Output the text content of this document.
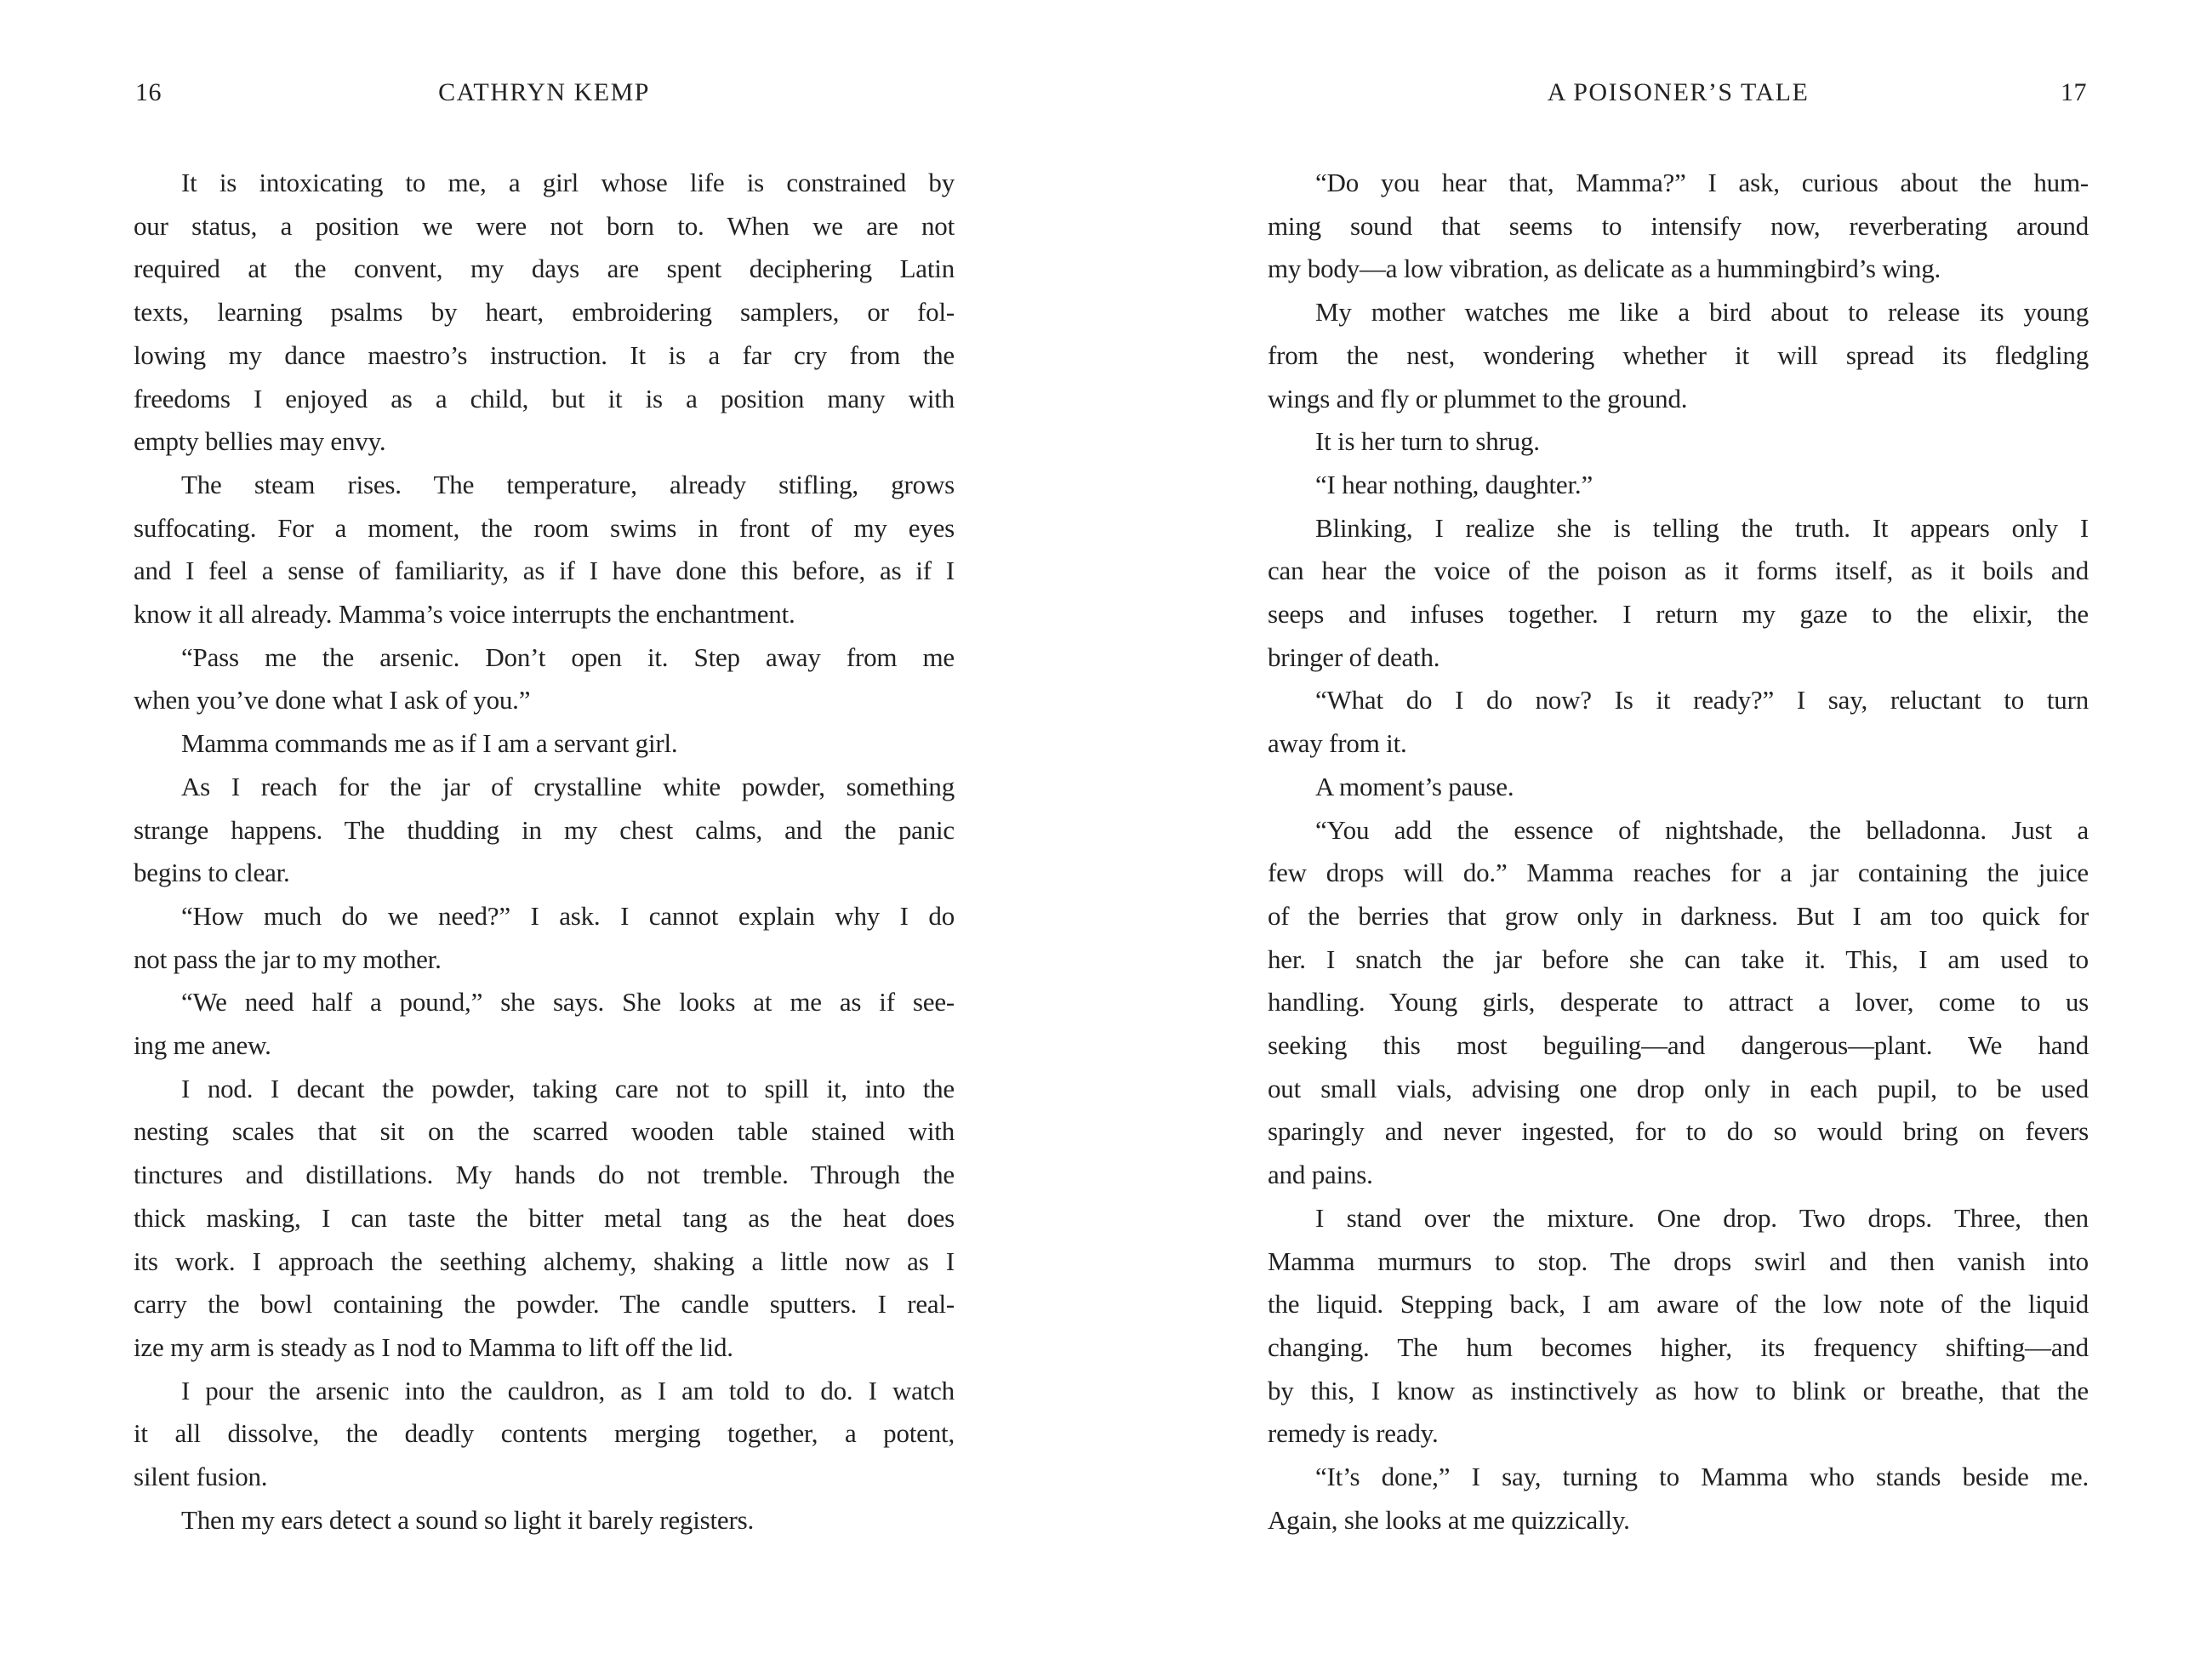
16	CATHRYN KEMP

It is intoxicating to me, a girl whose life is constrained by
our status, a position we were not born to. When we are not
required at the convent, my days are spent deciphering Latin
texts, learning psalms by heart, embroidering samplers, or fol-
lowing my dance maestro’s instruction. It is a far cry from the
freedoms I enjoyed as a child, but it is a position many with
empty bellies may envy.

The steam rises. The temperature, already stifling, grows
suffocating. For a moment, the room swims in front of my eyes
and I feel a sense of familiarity, as if I have done this before, as if I
know it all already. Mamma’s voice interrupts the enchantment.

“Pass me the arsenic. Don’t open it. Step away from me
when you’ve done what I ask of you.”

Mamma commands me as if I am a servant girl.

As I reach for the jar of crystalline white powder, something
strange happens. The thudding in my chest calms, and the panic
begins to clear.

“How much do we need?” I ask. I cannot explain why I do
not pass the jar to my mother.

“We need half a pound,” she says. She looks at me as if see-
ing me anew.

I nod. I decant the powder, taking care not to spill it, into the
nesting scales that sit on the scarred wooden table stained with
tinctures and distillations. My hands do not tremble. Through the
thick masking, I can taste the bitter metal tang as the heat does
its work. I approach the seething alchemy, shaking a little now as I
carry the bowl containing the powder. The candle sputters. I real-
ize my arm is steady as I nod to Mamma to lift off the lid.

I pour the arsenic into the cauldron, as I am told to do. I watch
it all dissolve, the deadly contents merging together, a potent,
silent fusion.

Then my ears detect a sound so light it barely registers.

A POISONER’S TALE	17

“Do you hear that, Mamma?” I ask, curious about the hum-
ming sound that seems to intensify now, reverberating around
my body—a low vibration, as delicate as a hummingbird’s wing.

My mother watches me like a bird about to release its young
from the nest, wondering whether it will spread its fledgling
wings and fly or plummet to the ground.

It is her turn to shrug.

“I hear nothing, daughter.”

Blinking, I realize she is telling the truth. It appears only I
can hear the voice of the poison as it forms itself, as it boils and
seeps and infuses together. I return my gaze to the elixir, the
bringer of death.

“What do I do now? Is it ready?” I say, reluctant to turn
away from it.

A moment’s pause.

“You add the essence of nightshade, the belladonna. Just a
few drops will do.” Mamma reaches for a jar containing the juice
of the berries that grow only in darkness. But I am too quick for
her. I snatch the jar before she can take it. This, I am used to
handling. Young girls, desperate to attract a lover, come to us
seeking this most beguiling—and dangerous—plant. We hand
out small vials, advising one drop only in each pupil, to be used
sparingly and never ingested, for to do so would bring on fevers
and pains.

I stand over the mixture. One drop. Two drops. Three, then
Mamma murmurs to stop. The drops swirl and then vanish into
the liquid. Stepping back, I am aware of the low note of the liquid
changing. The hum becomes higher, its frequency shifting—and
by this, I know as instinctively as how to blink or breathe, that the
remedy is ready.

“It’s done,” I say, turning to Mamma who stands beside me.
Again, she looks at me quizzically.
